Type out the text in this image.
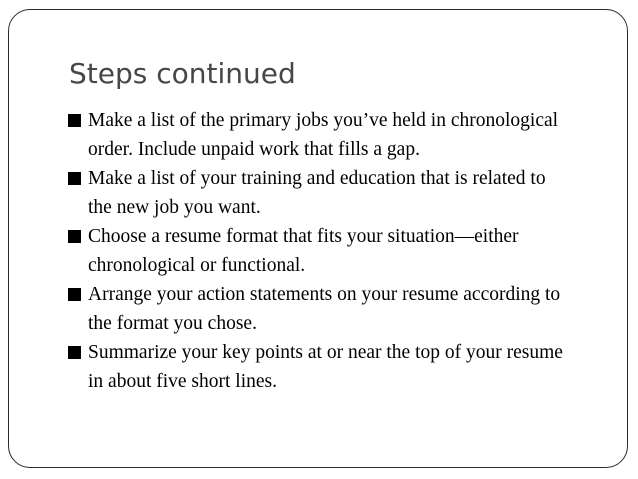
Steps continued
Make a list of the primary jobs you’ve held in chronological
order. Include unpaid work that fills a gap.
Make a list of your training and education that is related to
the new job you want.
Choose a resume format that fits your situation—either
chronological or functional.
Arrange your action statements on your resume according to
the format you chose.
Summarize your key points at or near the top of your resume
in about five short lines.
